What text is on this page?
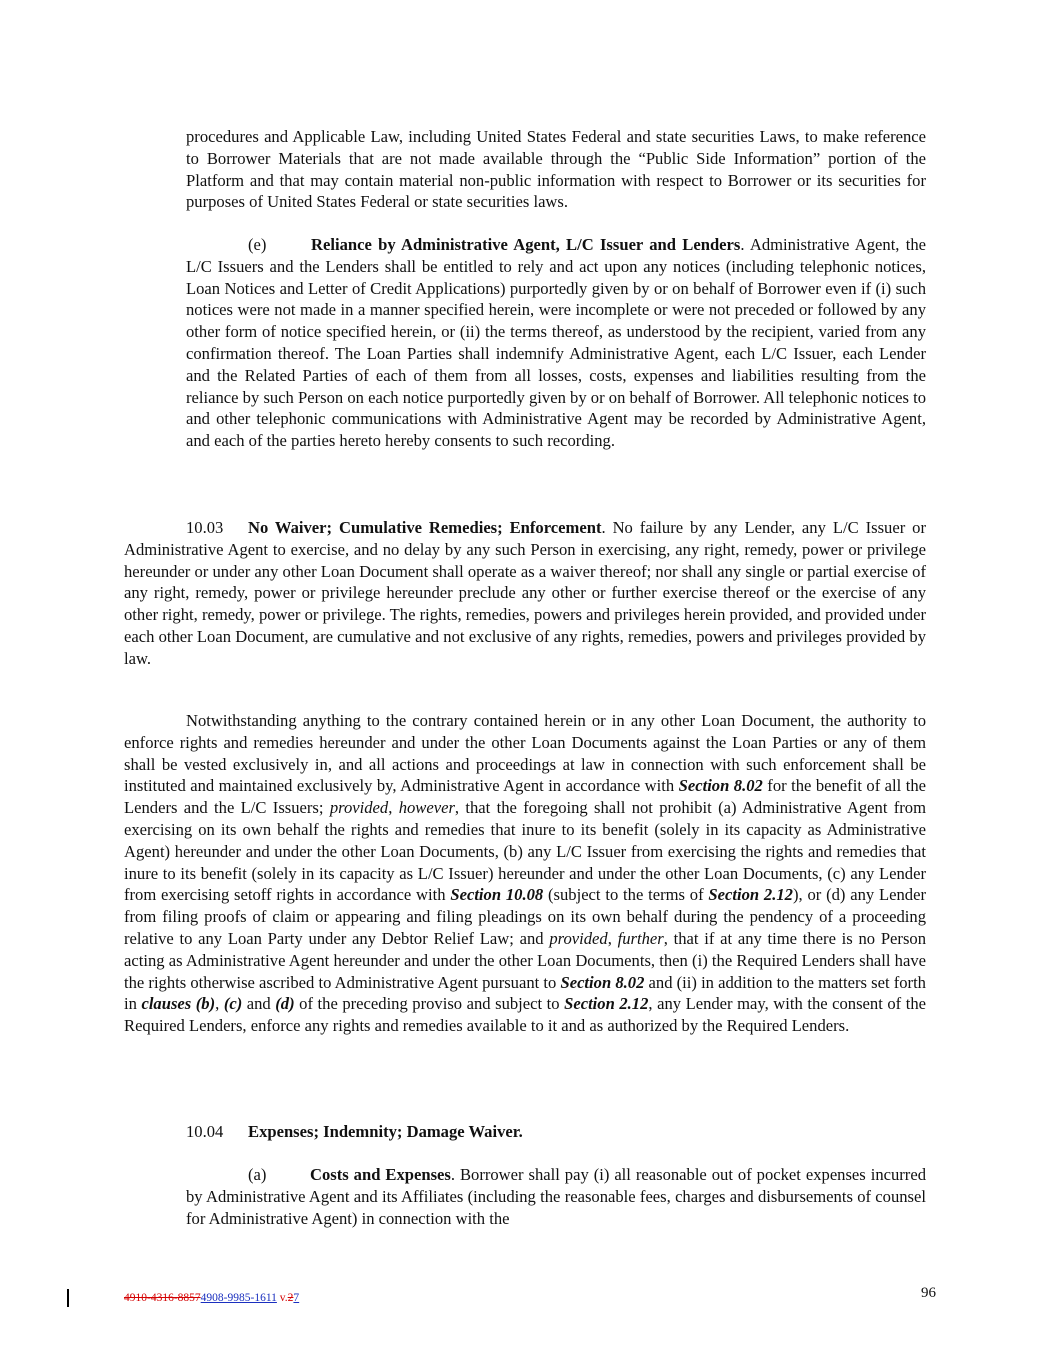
procedures and Applicable Law, including United States Federal and state securities Laws, to make reference to Borrower Materials that are not made available through the “Public Side Information” portion of the Platform and that may contain material non-public information with respect to Borrower or its securities for purposes of United States Federal or state securities laws.

(e)	Reliance by Administrative Agent, L/C Issuer and Lenders. Administrative Agent, the L/C Issuers and the Lenders shall be entitled to rely and act upon any notices (including telephonic notices, Loan Notices and Letter of Credit Applications) purportedly given by or on behalf of Borrower even if (i) such notices were not made in a manner specified herein, were incomplete or were not preceded or followed by any other form of notice specified herein, or (ii) the terms thereof, as understood by the recipient, varied from any confirmation thereof. The Loan Parties shall indemnify Administrative Agent, each L/C Issuer, each Lender and the Related Parties of each of them from all losses, costs, expenses and liabilities resulting from the reliance by such Person on each notice purportedly given by or on behalf of Borrower. All telephonic notices to and other telephonic communications with Administrative Agent may be recorded by Administrative Agent, and each of the parties hereto hereby consents to such recording.

10.03 No Waiver; Cumulative Remedies; Enforcement. No failure by any Lender, any L/C Issuer or Administrative Agent to exercise, and no delay by any such Person in exercising, any right, remedy, power or privilege hereunder or under any other Loan Document shall operate as a waiver thereof; nor shall any single or partial exercise of any right, remedy, power or privilege hereunder preclude any other or further exercise thereof or the exercise of any other right, remedy, power or privilege. The rights, remedies, powers and privileges herein provided, and provided under each other Loan Document, are cumulative and not exclusive of any rights, remedies, powers and privileges provided by law.

Notwithstanding anything to the contrary contained herein or in any other Loan Document, the authority to enforce rights and remedies hereunder and under the other Loan Documents against the Loan Parties or any of them shall be vested exclusively in, and all actions and proceedings at law in connection with such enforcement shall be instituted and maintained exclusively by, Administrative Agent in accordance with Section 8.02 for the benefit of all the Lenders and the L/C Issuers; provided, however, that the foregoing shall not prohibit (a) Administrative Agent from exercising on its own behalf the rights and remedies that inure to its benefit (solely in its capacity as Administrative Agent) hereunder and under the other Loan Documents, (b) any L/C Issuer from exercising the rights and remedies that inure to its benefit (solely in its capacity as L/C Issuer) hereunder and under the other Loan Documents, (c) any Lender from exercising setoff rights in accordance with Section 10.08 (subject to the terms of Section 2.12), or (d) any Lender from filing proofs of claim or appearing and filing pleadings on its own behalf during the pendency of a proceeding relative to any Loan Party under any Debtor Relief Law; and provided, further, that if at any time there is no Person acting as Administrative Agent hereunder and under the other Loan Documents, then (i) the Required Lenders shall have the rights otherwise ascribed to Administrative Agent pursuant to Section 8.02 and (ii) in addition to the matters set forth in clauses (b), (c) and (d) of the preceding proviso and subject to Section 2.12, any Lender may, with the consent of the Required Lenders, enforce any rights and remedies available to it and as authorized by the Required Lenders.

10.04 Expenses; Indemnity; Damage Waiver.

(a)	Costs and Expenses. Borrower shall pay (i) all reasonable out of pocket expenses incurred by Administrative Agent and its Affiliates (including the reasonable fees, charges and disbursements of counsel for Administrative Agent) in connection with the

4910-4316-88574908-9985-1611 v.27	96
